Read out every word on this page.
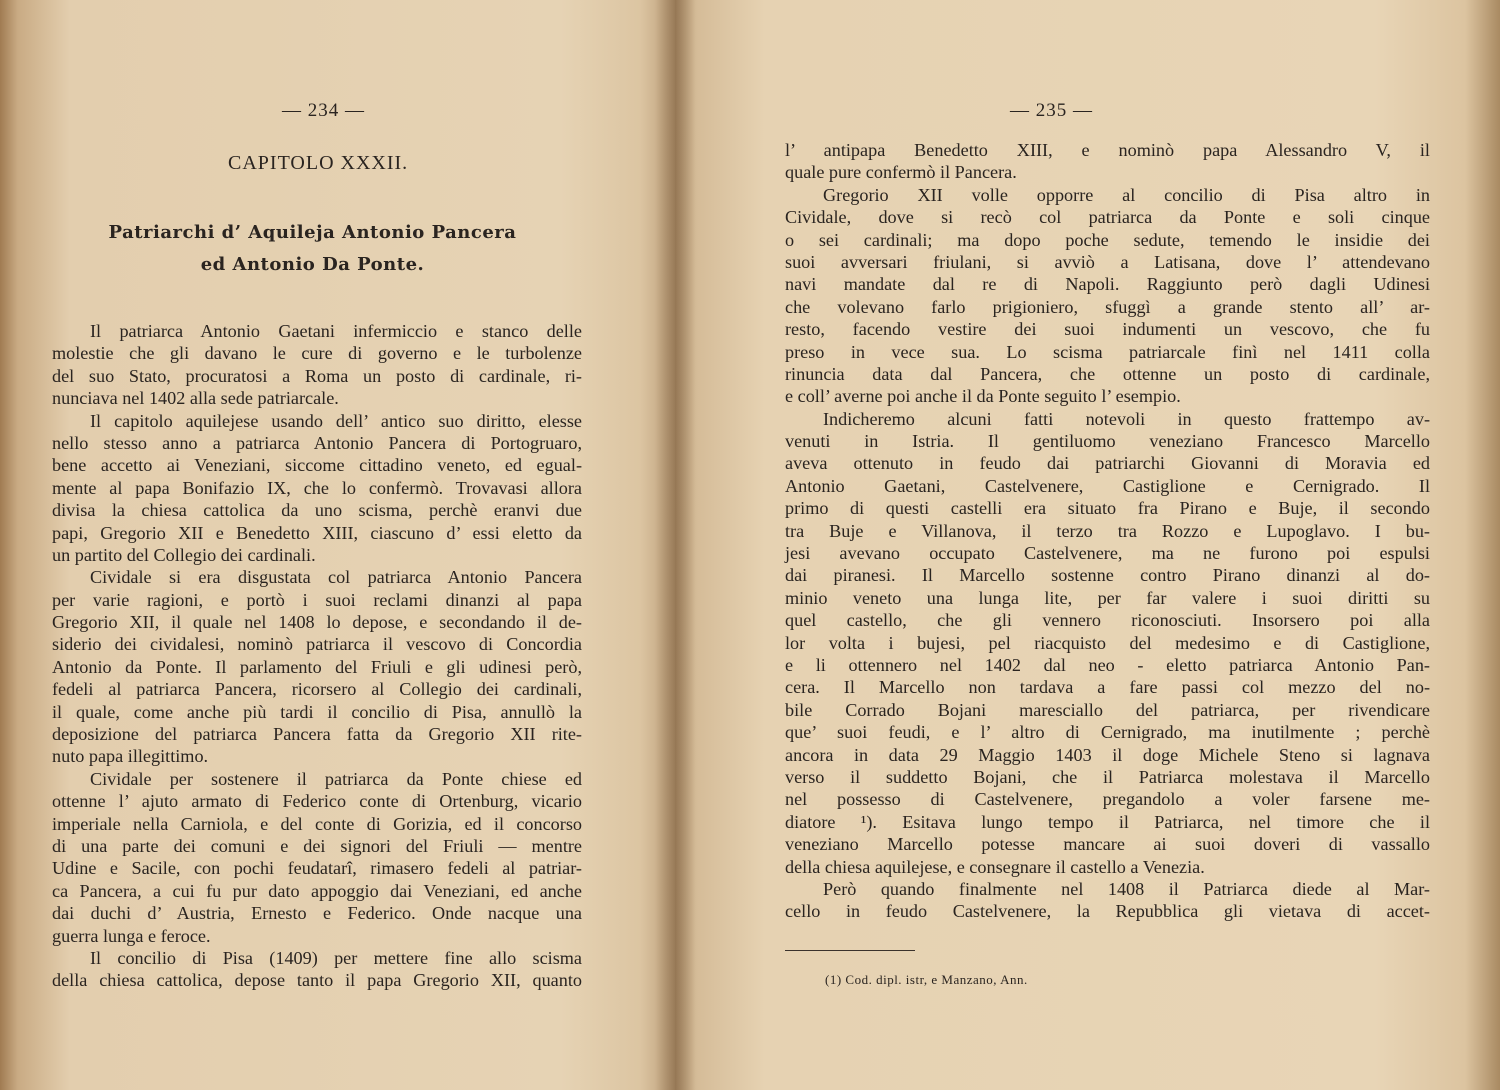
— 234 —
CAPITOLO XXXII.
Patriarchi d’ Aquileja Antonio Pancera
ed Antonio Da Ponte.
Il patriarca Antonio Gaetani infermiccio e stanco delle
molestie che gli davano le cure di governo e le turbolenze
del suo Stato, procuratosi a Roma un posto di cardinale, ri-
nunciava nel 1402 alla sede patriarcale.
Il capitolo aquilejese usando dell’ antico suo diritto, elesse
nello stesso anno a patriarca Antonio Pancera di Portogruaro,
bene accetto ai Veneziani, siccome cittadino veneto, ed egual-
mente al papa Bonifazio IX, che lo confermò. Trovavasi allora
divisa la chiesa cattolica da uno scisma, perchè eranvi due
papi, Gregorio XII e Benedetto XIII, ciascuno d’ essi eletto da
un partito del Collegio dei cardinali.
Cividale si era disgustata col patriarca Antonio Pancera
per varie ragioni, e portò i suoi reclami dinanzi al papa
Gregorio XII, il quale nel 1408 lo depose, e secondando il de-
siderio dei cividalesi, nominò patriarca il vescovo di Concordia
Antonio da Ponte. Il parlamento del Friuli e gli udinesi però,
fedeli al patriarca Pancera, ricorsero al Collegio dei cardinali,
il quale, come anche più tardi il concilio di Pisa, annullò la
deposizione del patriarca Pancera fatta da Gregorio XII rite-
nuto papa illegittimo.
Cividale per sostenere il patriarca da Ponte chiese ed
ottenne l’ ajuto armato di Federico conte di Ortenburg, vicario
imperiale nella Carniola, e del conte di Gorizia, ed il concorso
di una parte dei comuni e dei signori del Friuli — mentre
Udine e Sacile, con pochi feudatarî, rimasero fedeli al patriar-
ca Pancera, a cui fu pur dato appoggio dai Veneziani, ed anche
dai duchi d’ Austria, Ernesto e Federico. Onde nacque una
guerra lunga e feroce.
Il concilio di Pisa (1409) per mettere fine allo scisma
della chiesa cattolica, depose tanto il papa Gregorio XII, quanto
— 235 —
l’ antipapa Benedetto XIII, e nominò papa Alessandro V, il
quale pure confermò il Pancera.
Gregorio XII volle opporre al concilio di Pisa altro in
Cividale, dove si recò col patriarca da Ponte e soli cinque
o sei cardinali; ma dopo poche sedute, temendo le insidie dei
suoi avversari friulani, si avviò a Latisana, dove l’ attendevano
navi mandate dal re di Napoli. Raggiunto però dagli Udinesi
che volevano farlo prigioniero, sfuggì a grande stento all’ ar-
resto, facendo vestire dei suoi indumenti un vescovo, che fu
preso in vece sua. Lo scisma patriarcale finì nel 1411 colla
rinuncia data dal Pancera, che ottenne un posto di cardinale,
e coll’ averne poi anche il da Ponte seguito l’ esempio.
Indicheremo alcuni fatti notevoli in questo frattempo av-
venuti in Istria. Il gentiluomo veneziano Francesco Marcello
aveva ottenuto in feudo dai patriarchi Giovanni di Moravia ed
Antonio Gaetani, Castelvenere, Castiglione e Cernigrado. Il
primo di questi castelli era situato fra Pirano e Buje, il secondo
tra Buje e Villanova, il terzo tra Rozzo e Lupoglavo. I bu-
jesi avevano occupato Castelvenere, ma ne furono poi espulsi
dai piranesi. Il Marcello sostenne contro Pirano dinanzi al do-
minio veneto una lunga lite, per far valere i suoi diritti su
quel castello, che gli vennero riconosciuti. Insorsero poi alla
lor volta i bujesi, pel riacquisto del medesimo e di Castiglione,
e li ottennero nel 1402 dal neo - eletto patriarca Antonio Pan-
cera. Il Marcello non tardava a fare passi col mezzo del no-
bile Corrado Bojani maresciallo del patriarca, per rivendicare
que’ suoi feudi, e l’ altro di Cernigrado, ma inutilmente ; perchè
ancora in data 29 Maggio 1403 il doge Michele Steno si lagnava
verso il suddetto Bojani, che il Patriarca molestava il Marcello
nel possesso di Castelvenere, pregandolo a voler farsene me-
diatore ¹). Esitava lungo tempo il Patriarca, nel timore che il
veneziano Marcello potesse mancare ai suoi doveri di vassallo
della chiesa aquilejese, e consegnare il castello a Venezia.
Però quando finalmente nel 1408 il Patriarca diede al Mar-
cello in feudo Castelvenere, la Repubblica gli vietava di accet-
(1) Cod. dipl. istr, e Manzano, Ann.
